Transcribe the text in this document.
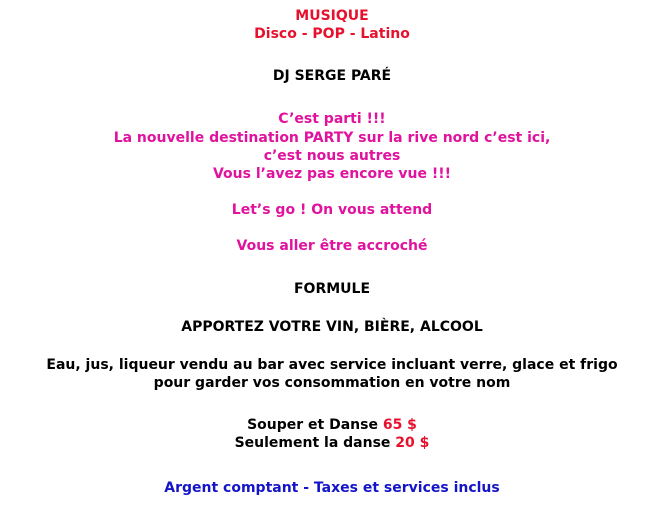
MUSIQUE
Disco - POP - Latino
DJ SERGE PARÉ
C’est parti !!!
La nouvelle destination PARTY sur la rive nord c’est ici,
c’est nous autres
Vous l’avez pas encore vue !!!
Let’s go ! On vous attend
Vous aller être accroché
FORMULE
APPORTEZ VOTRE VIN, BIÈRE, ALCOOL
Eau, jus, liqueur vendu au bar avec service incluant verre, glace et frigo
pour garder vos consommation en votre nom
Souper et Danse 65 $
Seulement la danse 20 $
Argent comptant - Taxes et services inclus
